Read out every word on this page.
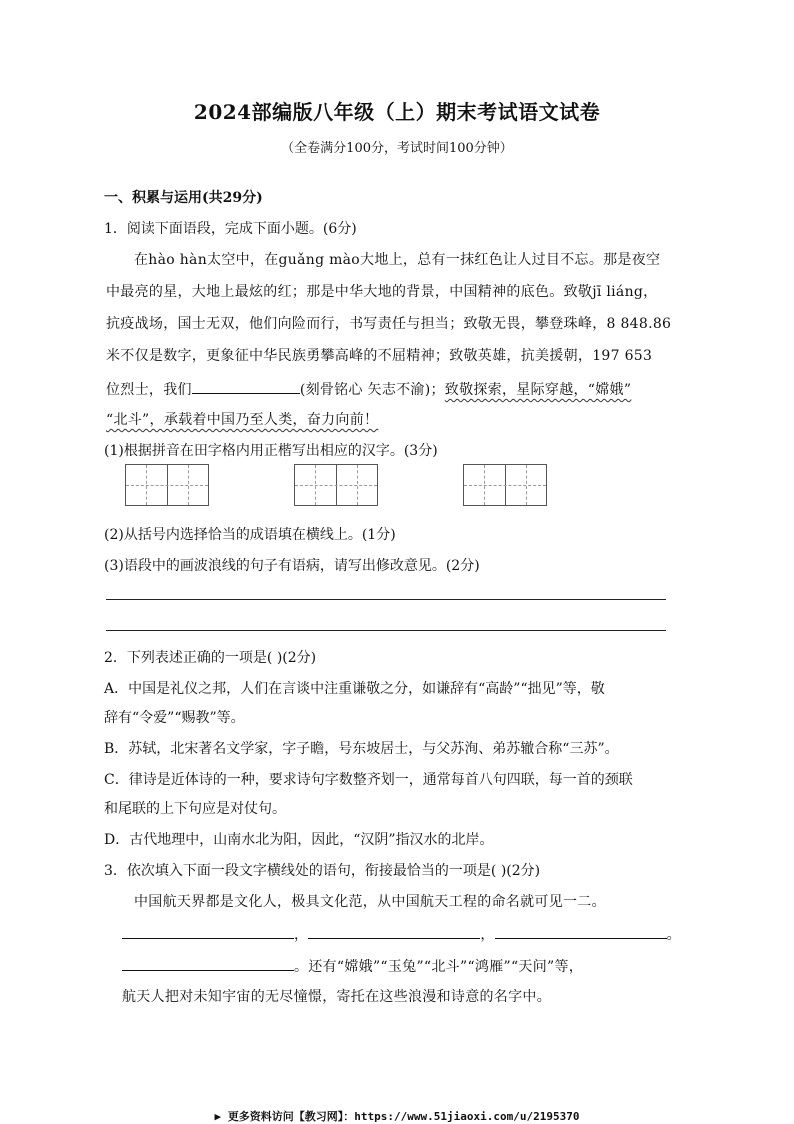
2024部编版八年级（上）期末考试语文试卷
（全卷满分100分，考试时间100分钟）
一、积累与运用(共29分)
1．阅读下面语段，完成下面小题。(6分)
在hào hàn太空中，在guǎng mào大地上，总有一抹红色让人过目不忘。那是夜空
中最亮的星，大地上最炫的红；那是中华大地的背景，中国精神的底色。致敬jī liáng，
抗疫战场，国士无双，他们向险而行，书写责任与担当；致敬无畏，攀登珠峰，8 848.86
米不仅是数字，更象征中华民族勇攀高峰的不屈精神；致敬英雄，抗美援朝，197 653
位烈士，我们	(刻骨铭心 矢志不渝)；致敬探索，星际穿越，“嫦娥”
“北斗”，承载着中国乃至人类，奋力向前！
(1)根据拼音在田字格内用正楷写出相应的汉字。(3分)
(2)从括号内选择恰当的成语填在横线上。(1分)
(3)语段中的画波浪线的句子有语病，请写出修改意见。(2分)
2．下列表述正确的一项是( )(2分)
A．中国是礼仪之邦，人们在言谈中注重谦敬之分，如谦辞有“高龄”“拙见”等，敬
辞有“令爱”“赐教”等。
B．苏轼，北宋著名文学家，字子瞻，号东坡居士，与父苏洵、弟苏辙合称“三苏”。
C．律诗是近体诗的一种，要求诗句字数整齐划一，通常每首八句四联，每一首的颈联
和尾联的上下句应是对仗句。
D．古代地理中，山南水北为阳，因此，“汉阴”指汉水的北岸。
3．依次填入下面一段文字横线处的语句，衔接最恰当的一项是( )(2分)
中国航天界都是文化人，极具文化范，从中国航天工程的命名就可见一二。
，	，	。
。还有“嫦娥”“玉兔”“北斗”“鸿雁”“天问”等，
航天人把对未知宇宙的无尽憧憬，寄托在这些浪漫和诗意的名字中。
▶ 更多资料访问【教习网】：https://www.51jiaoxi.com/u/2195370
